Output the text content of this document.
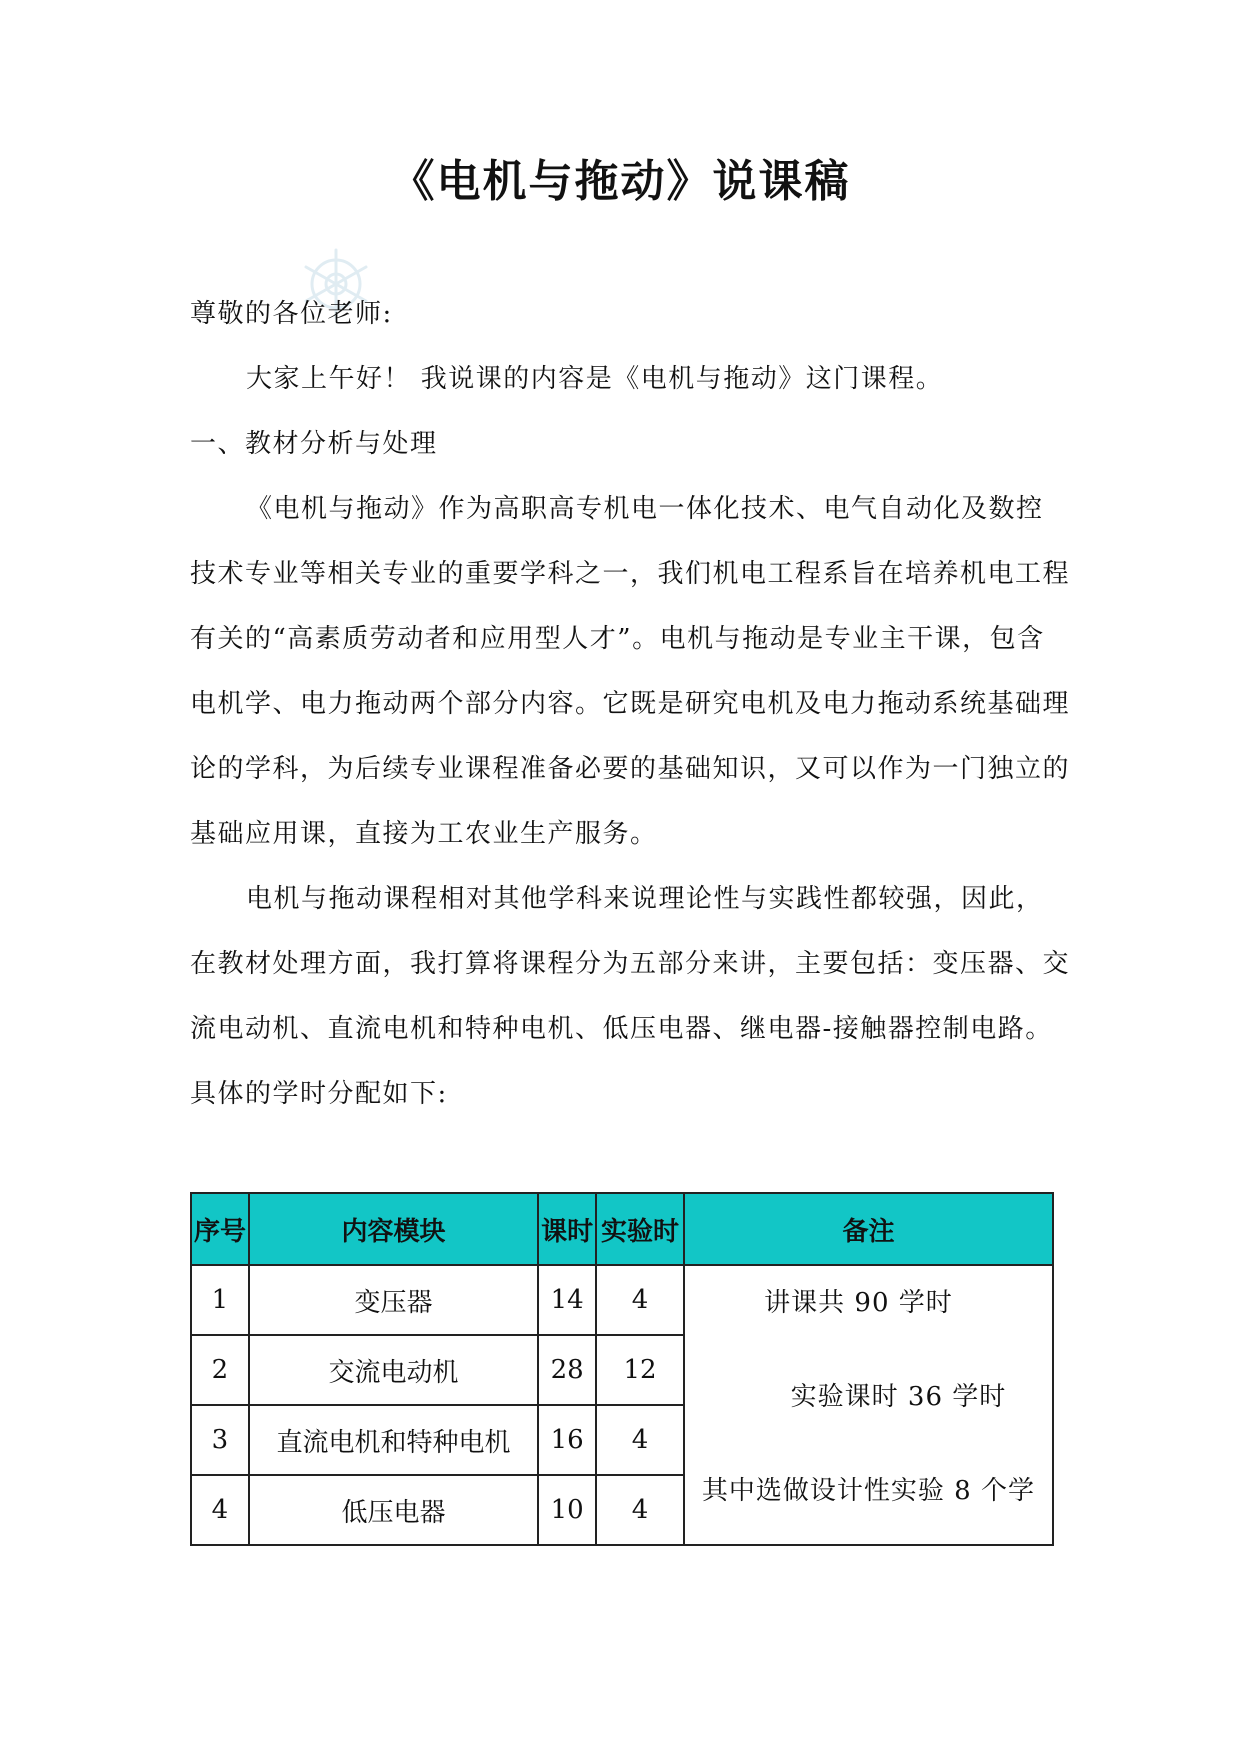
《电机与拖动》说课稿

尊敬的各位老师:

大家上午好！ 我说课的内容是《电机与拖动》这门课程。

一、教材分析与处理

《电机与拖动》作为高职高专机电一体化技术、电气自动化及数控技术专业等相关专业的重要学科之一，我们机电工程系旨在培养机电工程有关的“高素质劳动者和应用型人才”。电机与拖动是专业主干课，包含电机学、电力拖动两个部分内容。它既是研究电机及电力拖动系统基础理论的学科，为后续专业课程准备必要的基础知识，又可以作为一门独立的基础应用课，直接为工农业生产服务。

电机与拖动课程相对其他学科来说理论性与实践性都较强，因此，在教材处理方面，我打算将课程分为五部分来讲，主要包括：变压器、交流电动机、直流电机和特种电机、低压电器、继电器-接触器控制电路。具体的学时分配如下:

序号	内容模块	课时	实验时	备注
1	变压器	14	4	讲课共 90 学时
实验课时 36 学时
其中选做设计性实验 8 个学

2	交流电动机	28	12	
3	直流电机和特种电机	16	4	
4	低压电器	10	4	
